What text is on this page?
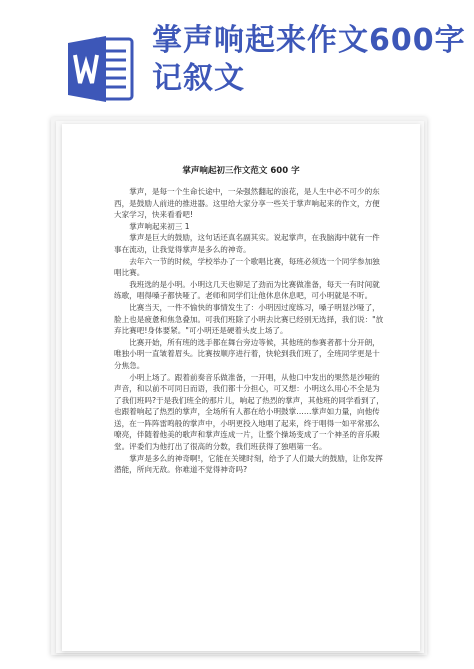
掌声响起来作文600字记叙文
掌声响起初三作文范文 600 字

掌声，是每一个生命长途中，一朵强然翻起的浪花，是人生中必不可少的东西，是鼓励人前进的推进器。这里给大家分享一些关于掌声响起来的作文，方便大家学习，快来看看吧!

掌声响起来初三 1

掌声是巨大的鼓励，这句话还真名副其实。说起掌声，在我脑海中就有一件事在流动，让我觉得掌声是多么的神奇。

去年六一节的时候，学校举办了一个歌唱比赛，每班必须选一个同学参加独唱比赛。

我班选的是小明。小明这几天也铆足了劲而为比赛做准备，每天一有时间就练歌，唱得嗓子都快哑了。老师和同学们让他休息休息吧，可小明就是不听。

比赛当天，一件不愉快的事情发生了：小明因过度练习，嗓子明显沙哑了，脸上也是疲惫和焦急叠加。可我们班除了小明去比赛已经别无选择，我们说："放弃比赛吧!身体要紧。"可小明还是硬着头皮上场了。

比赛开始，所有班的选手都在舞台旁边等候，其他班的参赛者都十分开朗，唯独小明一直皱着眉头。比赛按顺序进行着，快轮到我们班了，全班同学更是十分焦急。

小明上场了。跟着前奏音乐做准备，一开唱，从他口中发出的果然是沙哑的声音，和以前不可同日而语，我们都十分担心，可又想：小明这么用心不全是为了我们班吗?于是我们班全的那片儿，响起了热烈的掌声，其他班的同学看到了，也跟着响起了热烈的掌声，全场所有人都在给小明鼓掌……掌声如力量，向他传送，在一阵阵雷鸣般的掌声中，小明更投入地唱了起来，终于唱得一如平常那么嘹亮，伴随着他美的歌声和掌声连成一片，让整个操场变成了一个神圣的音乐殿堂。评委们为他打出了很高的分数，我们班获得了独唱第一名。

掌声是多么的神奇啊!，它能在关键时刻，给予了人们最大的鼓励，让你发挥潜能，所向无敌。你难道不觉得神奇吗?
